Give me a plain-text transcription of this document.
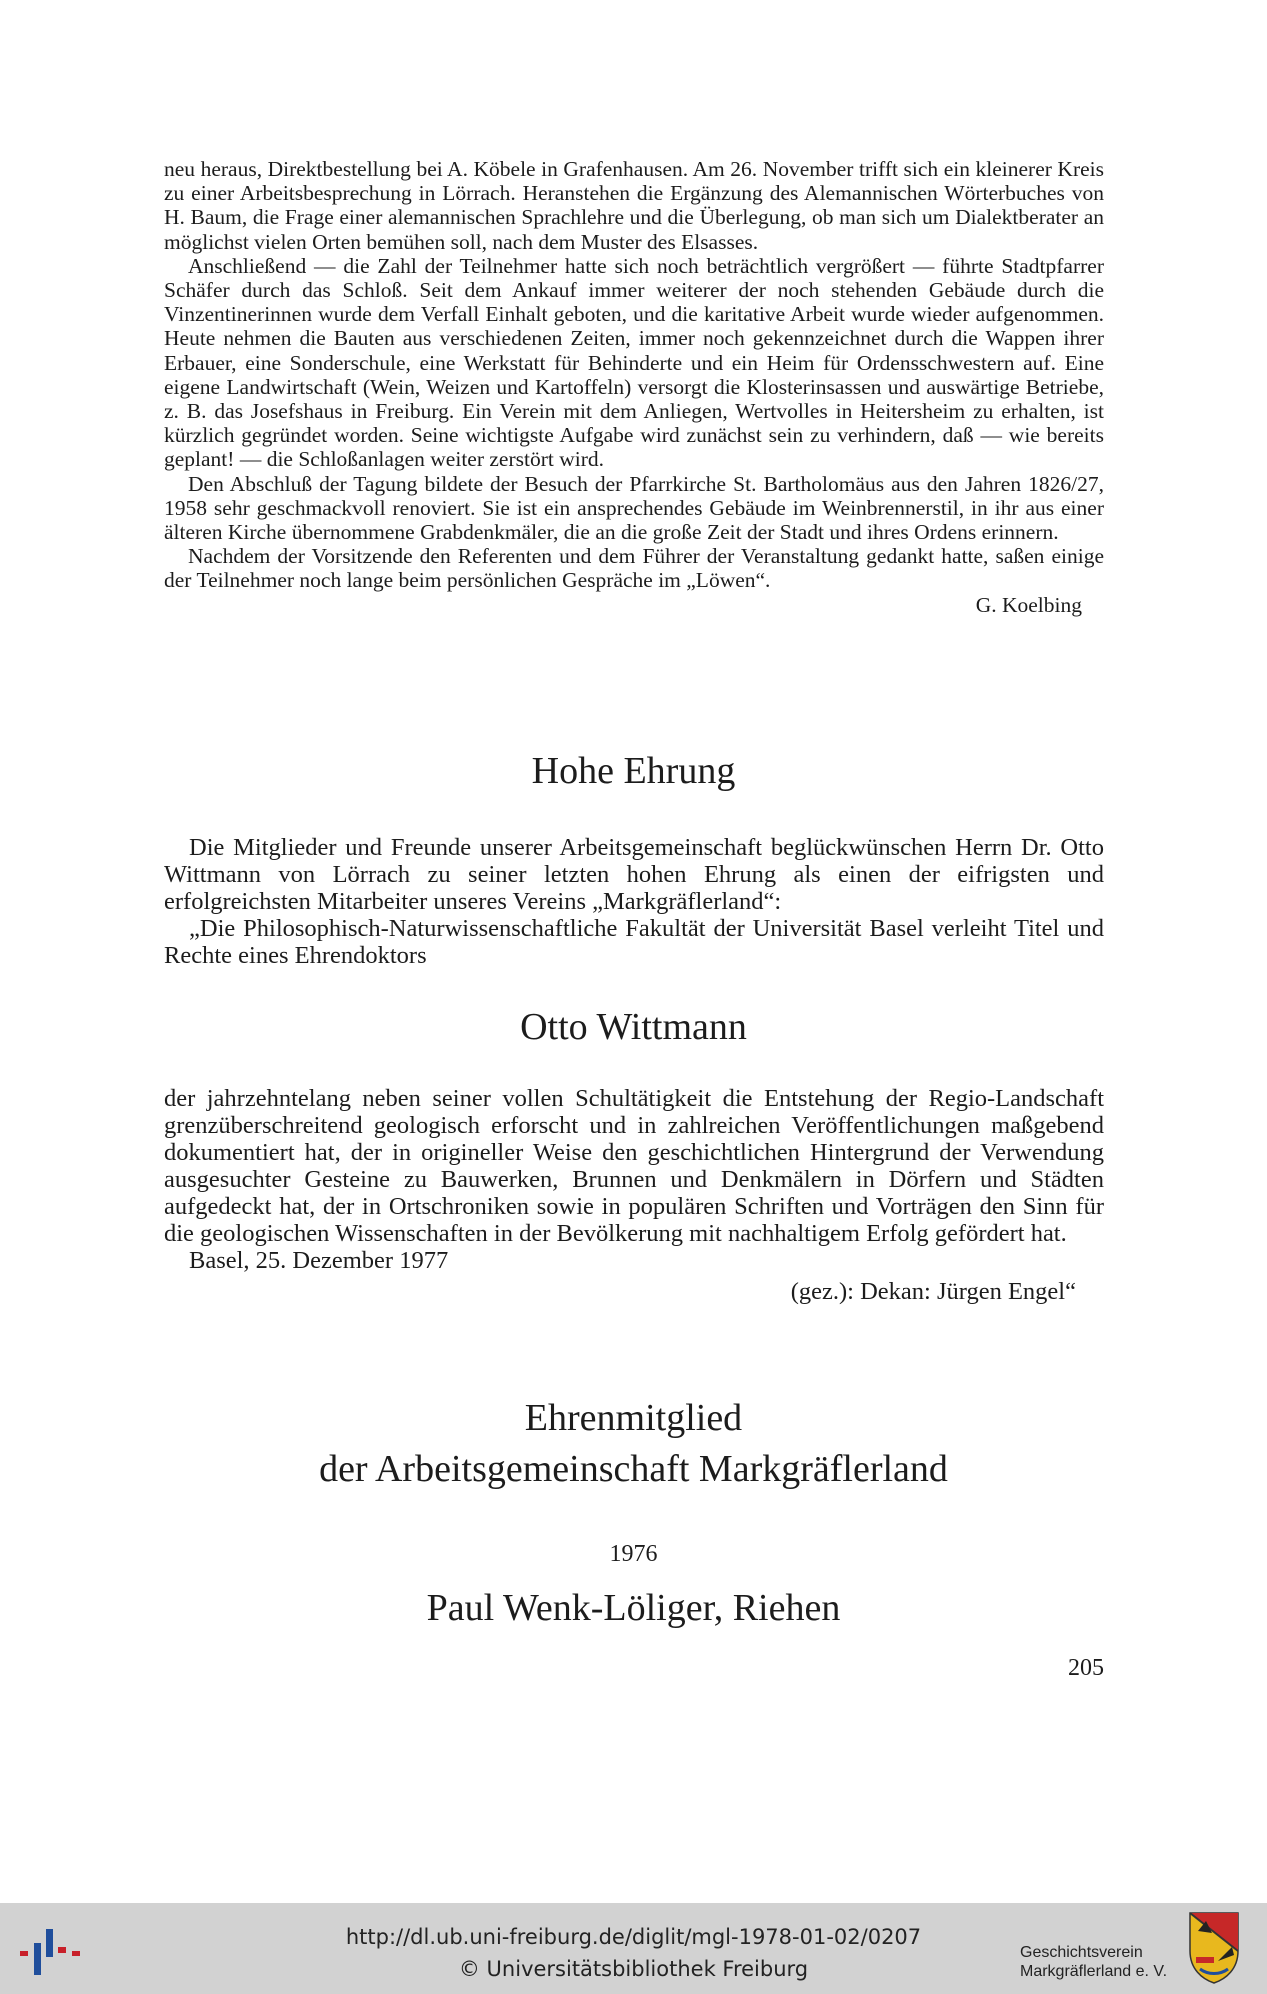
neu heraus, Direktbestellung bei A. Köbele in Grafenhausen. Am 26. November trifft sich ein kleinerer Kreis zu einer Arbeitsbesprechung in Lörrach. Heranstehen die Ergänzung des Alemannischen Wörterbuches von H. Baum, die Frage einer alemannischen Sprachlehre und die Überlegung, ob man sich um Dialektberater an möglichst vielen Orten bemühen soll, nach dem Muster des Elsasses.

Anschließend — die Zahl der Teilnehmer hatte sich noch beträchtlich vergrößert — führte Stadtpfarrer Schäfer durch das Schloß. Seit dem Ankauf immer weiterer der noch stehenden Gebäude durch die Vinzentinerinnen wurde dem Verfall Einhalt geboten, und die karitative Arbeit wurde wieder aufgenommen. Heute nehmen die Bauten aus verschiedenen Zeiten, immer noch gekennzeichnet durch die Wappen ihrer Erbauer, eine Sonderschule, eine Werkstatt für Behinderte und ein Heim für Ordensschwestern auf. Eine eigene Landwirtschaft (Wein, Weizen und Kartoffeln) versorgt die Klosterinsassen und auswärtige Betriebe, z. B. das Josefshaus in Freiburg. Ein Verein mit dem Anliegen, Wertvolles in Heitersheim zu erhalten, ist kürzlich gegründet worden. Seine wichtigste Aufgabe wird zunächst sein zu verhindern, daß — wie bereits geplant! — die Schloßanlagen weiter zerstört wird.

Den Abschluß der Tagung bildete der Besuch der Pfarrkirche St. Bartholomäus aus den Jahren 1826/27, 1958 sehr geschmackvoll renoviert. Sie ist ein ansprechendes Gebäude im Weinbrennerstil, in ihr aus einer älteren Kirche übernommene Grabdenkmäler, die an die große Zeit der Stadt und ihres Ordens erinnern.

Nachdem der Vorsitzende den Referenten und dem Führer der Veranstaltung gedankt hatte, saßen einige der Teilnehmer noch lange beim persönlichen Gespräche im „Löwen“.

G. Koelbing
Hohe Ehrung

Die Mitglieder und Freunde unserer Arbeitsgemeinschaft beglückwünschen Herrn Dr. Otto Wittmann von Lörrach zu seiner letzten hohen Ehrung als einen der eifrigsten und erfolgreichsten Mitarbeiter unseres Vereins „Markgräflerland“:

„Die Philosophisch-Naturwissenschaftliche Fakultät der Universität Basel verleiht Titel und Rechte eines Ehrendoktors

Otto Wittmann

der jahrzehntelang neben seiner vollen Schultätigkeit die Entstehung der Regio-Landschaft grenzüberschreitend geologisch erforscht und in zahlreichen Veröffentlichungen maßgebend dokumentiert hat, der in origineller Weise den geschichtlichen Hintergrund der Verwendung ausgesuchter Gesteine zu Bauwerken, Brunnen und Denkmälern in Dörfern und Städten aufgedeckt hat, der in Ortschroniken sowie in populären Schriften und Vorträgen den Sinn für die geologischen Wissenschaften in der Bevölkerung mit nachhaltigem Erfolg gefördert hat.

Basel, 25. Dezember 1977

(gez.): Dekan: Jürgen Engel“
Ehrenmitglied
der Arbeitsgemeinschaft Markgräflerland
1976
Paul Wenk-Löliger, Riehen
205
http://dl.ub.uni-freiburg.de/diglit/mgl-1978-01-02/0207
© Universitätsbibliothek Freiburg
Geschichtsverein
Markgräflerland e. V.
